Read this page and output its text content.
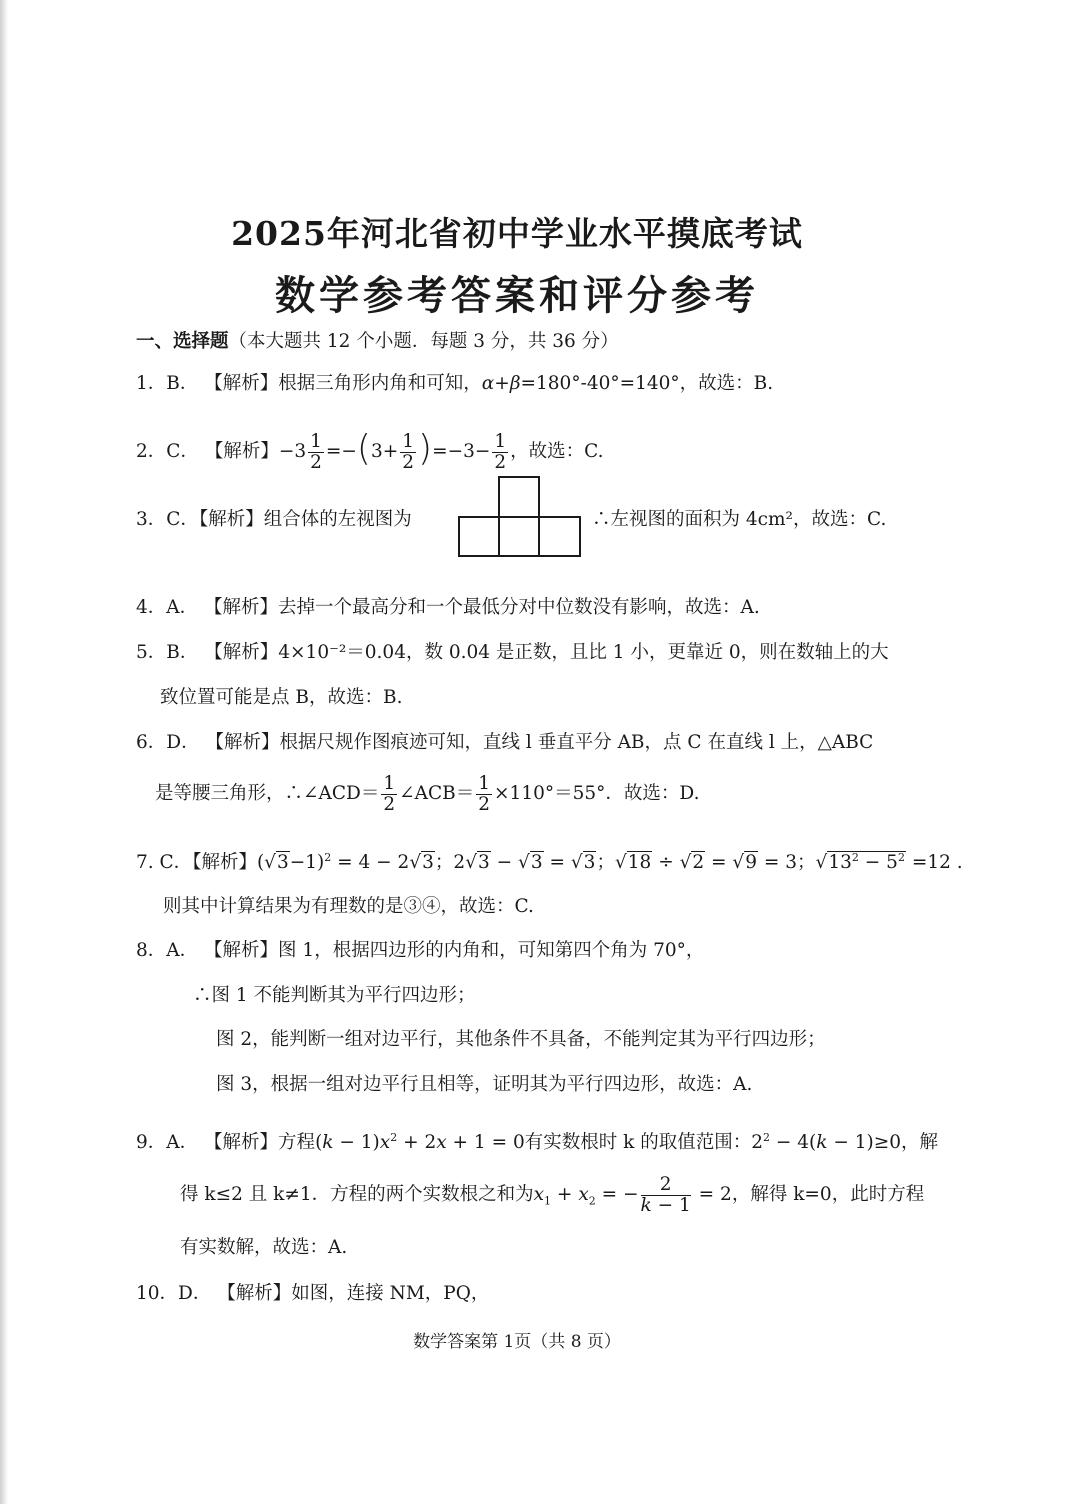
2025年河北省初中学业水平摸底考试
数学参考答案和评分参考
一、选择题（本大题共 12 个小题．每题 3 分，共 36 分）
1．B． 【解析】根据三角形内角和可知，α+β=180°-40°=140°，故选：B.
2．C． 【解析】$-3 \frac{1}{2} =-(3+ \frac{1}{2} )=-3- \frac{1}{2}$ ，故选：C.
3．C．【解析】组合体的左视图为	∴左视图的面积为 4cm²，故选：C.
4．A． 【解析】去掉一个最高分和一个最低分对中位数没有影响，故选：A.
5．B． 【解析】4×10⁻²＝0.04，数 0.04 是正数，且比 1 小，更靠近 0，则在数轴上的大
致位置可能是点 B，故选：B.
6．D． 【解析】根据尺规作图痕迹可知，直线 l 垂直平分 AB，点 C 在直线 l 上，△ABC
是等腰三角形，∴∠ACD＝ $\frac{1}{2}$ ∠ACB＝ $\frac{1}{2} \times 110^\circ=55^\circ$．故选：D.
7. C．【解析】$(√3-1)^2 = 4 - 2√3$；2√3 − √3 = √3；√18 ÷ √2 = √9 = 3；$√13^2 - 5^2 =12$ .
则其中计算结果为有理数的是③④，故选：C.
8．A． 【解析】图 1，根据四边形的内角和，可知第四个角为 70°，
∴图 1 不能判断其为平行四边形；
图 2，能判断一组对边平行，其他条件不具备，不能判定其为平行四边形；
图 3，根据一组对边平行且相等，证明其为平行四边形，故选：A.
9．A． 【解析】方程$(k - 1)x^2 + 2x + 1 = 0$有实数根时 k 的取值范围：$2^2 - 4(k - 1)\ge 0$，解
得 k≤2 且 k≠1．方程的两个实数根之和为$x_1 + x_2$ = − $\frac{2}{k - 1} = 2$，解得 k=0，此时方程
有实数解，故选：A.
10．D． 【解析】如图，连接 NM，PQ，
数学答案第 1页（共 8 页）
